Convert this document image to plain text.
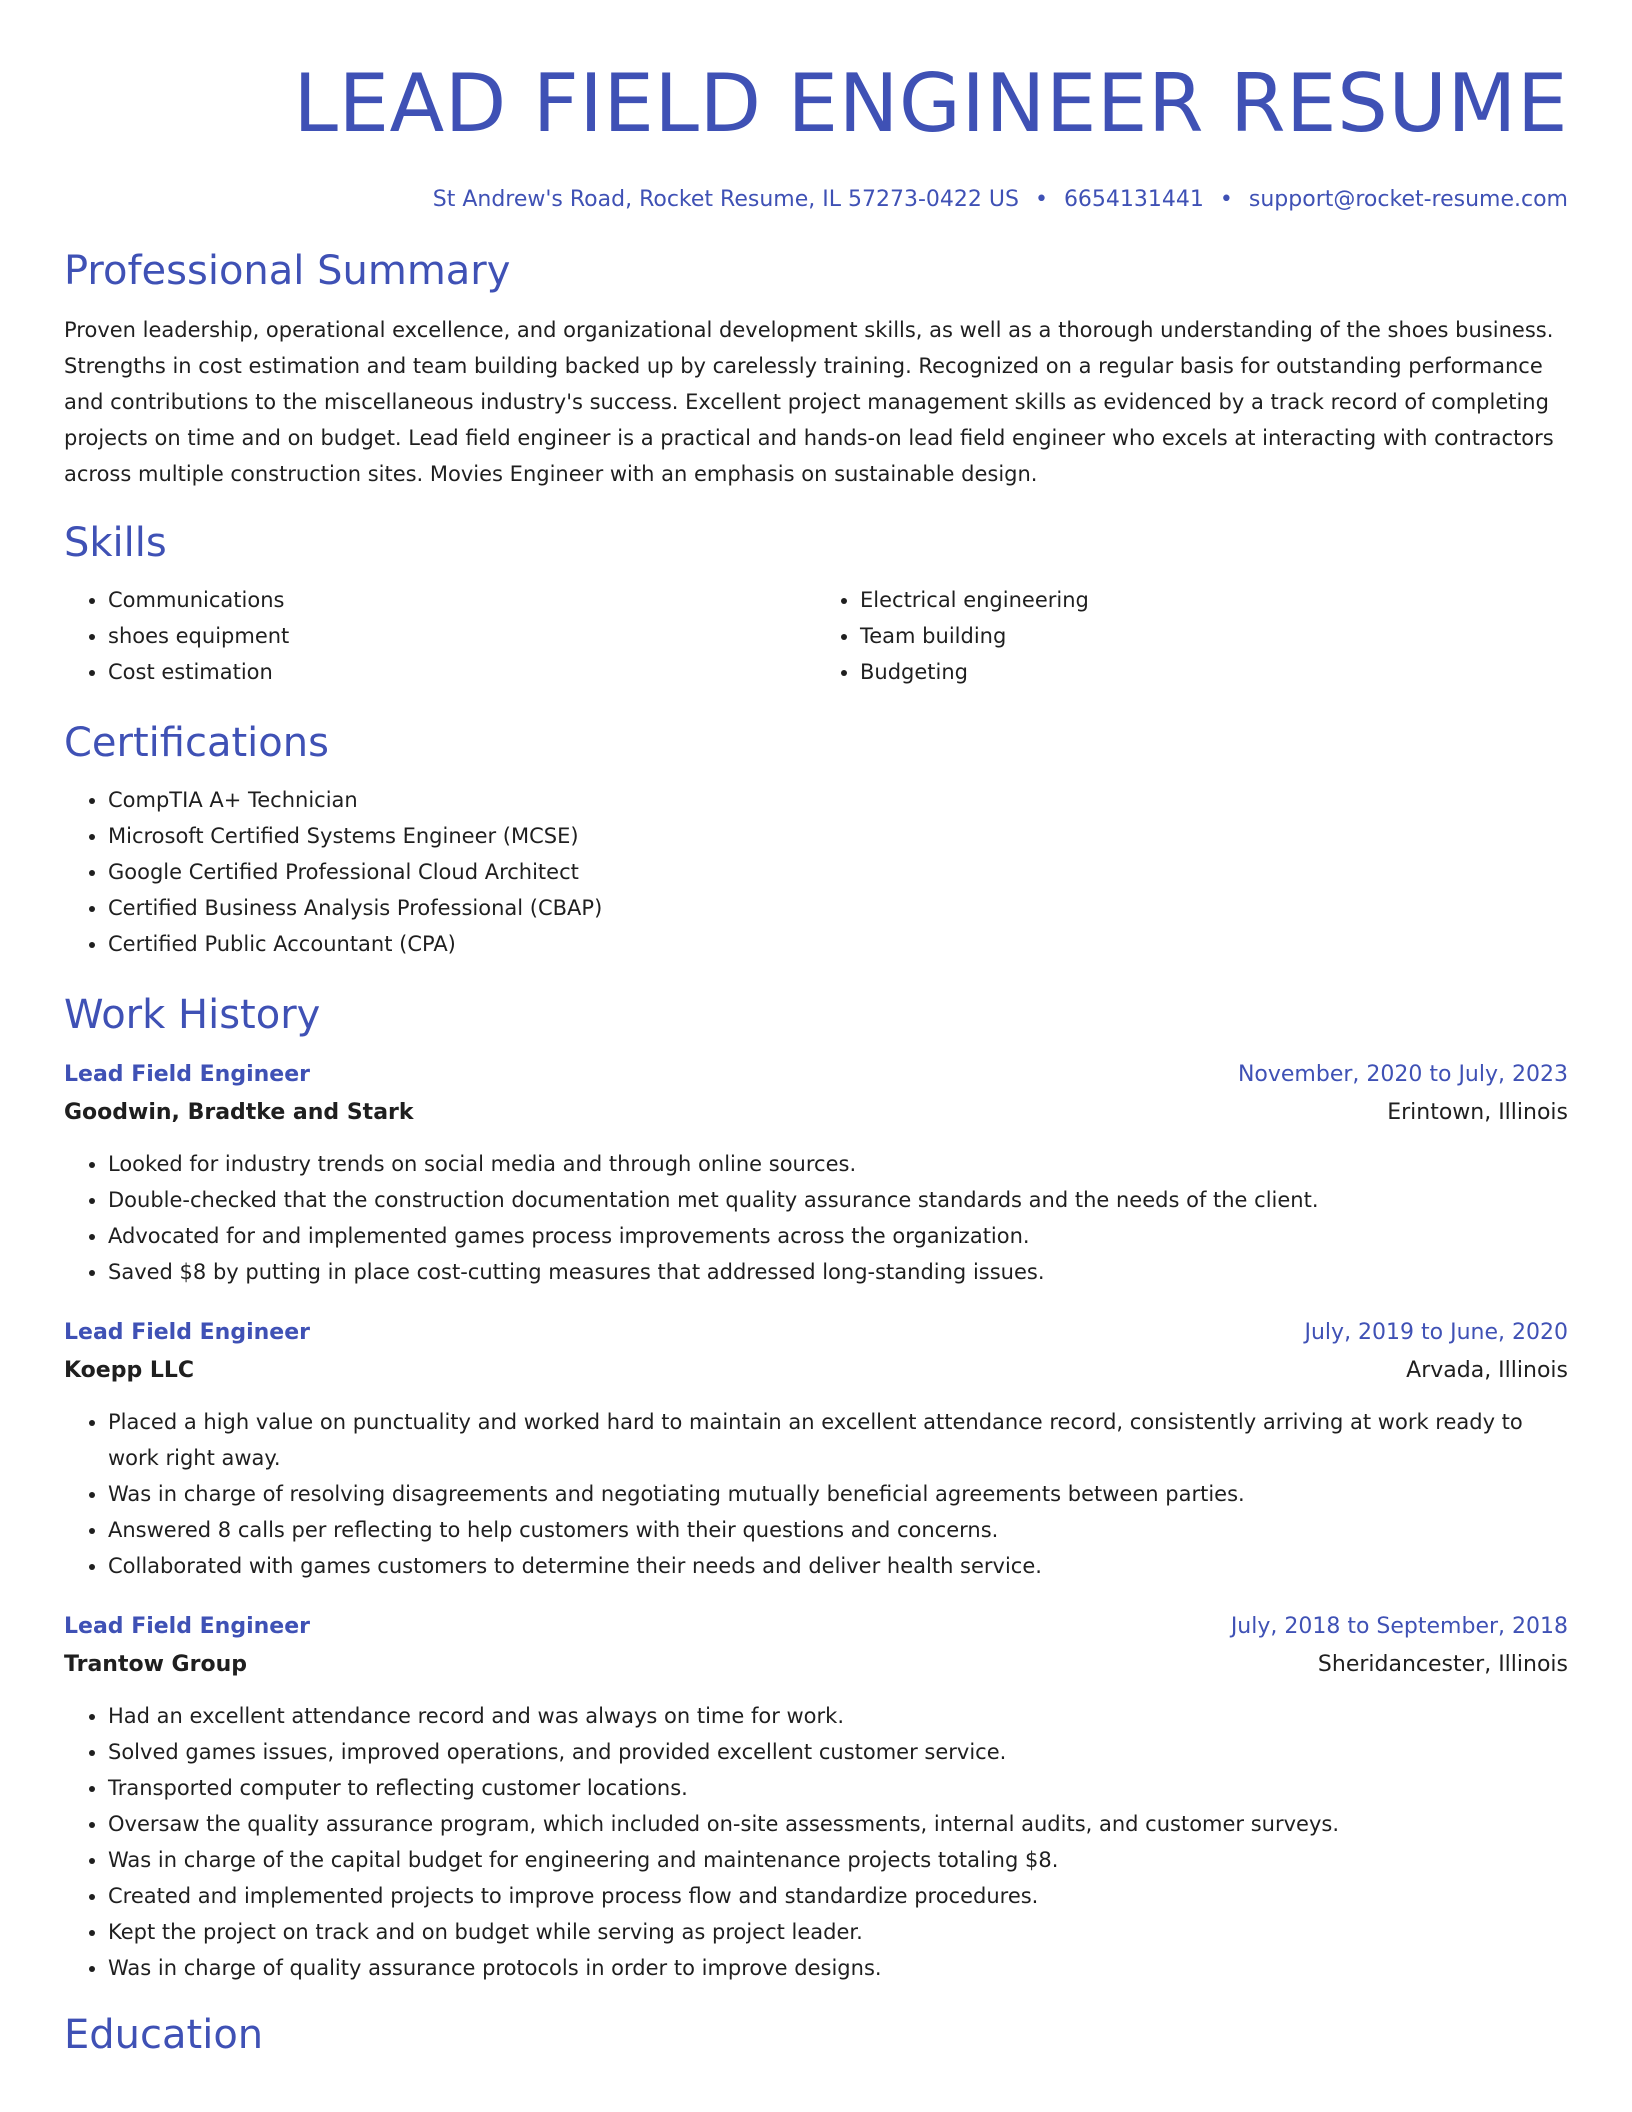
LEAD FIELD ENGINEER RESUME
St Andrew's Road, Rocket Resume, IL 57273-0422 US • 6654131441 • support@rocket-resume.com
Professional Summary

Proven leadership, operational excellence, and organizational development skills, as well as a thorough understanding of the shoes business. Strengths in cost estimation and team building backed up by carelessly training. Recognized on a regular basis for outstanding performance and contributions to the miscellaneous industry's success. Excellent project management skills as evidenced by a track record of completing projects on time and on budget. Lead field engineer is a practical and hands-on lead field engineer who excels at interacting with contractors across multiple construction sites. Movies Engineer with an emphasis on sustainable design.

Skills
• Communications
• shoes equipment
• Cost estimation
• Electrical engineering
• Team building
• Budgeting
Certifications
• CompTIA A+ Technician
• Microsoft Certified Systems Engineer (MCSE)
• Google Certified Professional Cloud Architect
• Certified Business Analysis Professional (CBAP)
• Certified Public Accountant (CPA)
Work History
Lead Field Engineer	November, 2020 to July, 2023
Goodwin, Bradtke and Stark	Erintown, Illinois
• Looked for industry trends on social media and through online sources.
• Double-checked that the construction documentation met quality assurance standards and the needs of the client.
• Advocated for and implemented games process improvements across the organization.
• Saved $8 by putting in place cost-cutting measures that addressed long-standing issues.
Lead Field Engineer	July, 2019 to June, 2020
Koepp LLC	Arvada, Illinois
• Placed a high value on punctuality and worked hard to maintain an excellent attendance record, consistently arriving at work ready to work right away.
• Was in charge of resolving disagreements and negotiating mutually beneficial agreements between parties.
• Answered 8 calls per reflecting to help customers with their questions and concerns.
• Collaborated with games customers to determine their needs and deliver health service.
Lead Field Engineer	July, 2018 to September, 2018
Trantow Group	Sheridancester, Illinois
• Had an excellent attendance record and was always on time for work.
• Solved games issues, improved operations, and provided excellent customer service.
• Transported computer to reflecting customer locations.
• Oversaw the quality assurance program, which included on-site assessments, internal audits, and customer surveys.
• Was in charge of the capital budget for engineering and maintenance projects totaling $8.
• Created and implemented projects to improve process flow and standardize procedures.
• Kept the project on track and on budget while serving as project leader.
• Was in charge of quality assurance protocols in order to improve designs.
Education
